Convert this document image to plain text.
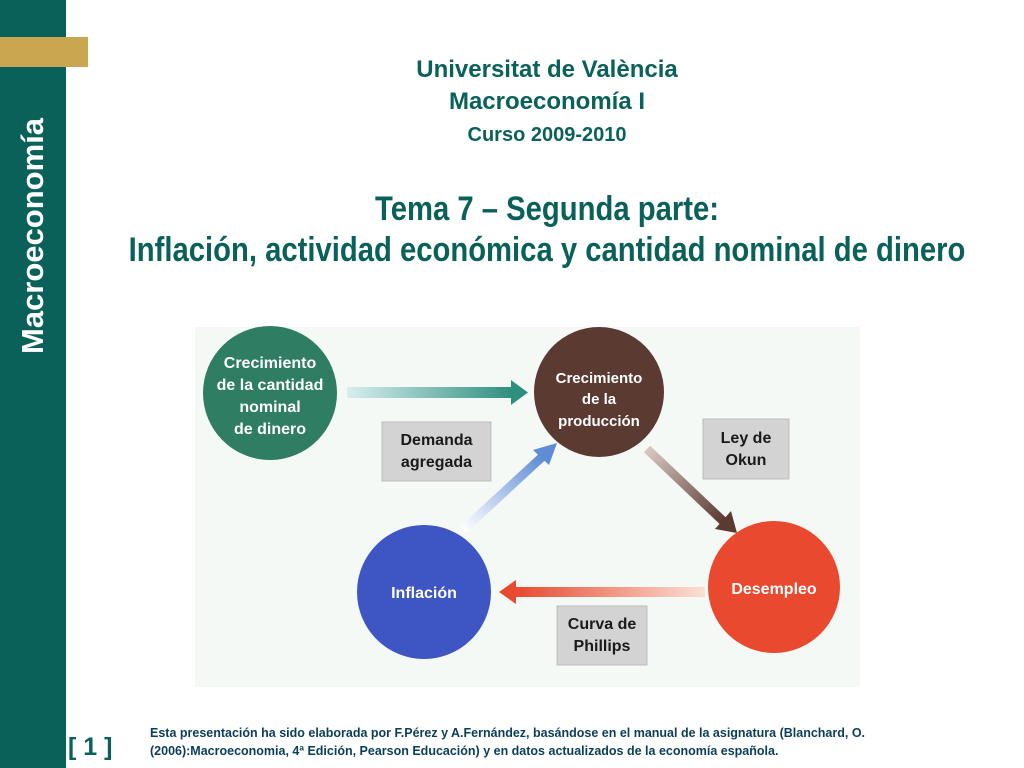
Macroeconomía
[ 1 ]
Universitat de València
Macroeconomía I
Curso 2009-2010
Tema 7 – Segunda parte:
Inflación, actividad económica y cantidad nominal de dinero
Crecimiento
de la cantidad
nominal
de dinero
Crecimiento
de la
producción
Desempleo
Inflación
Demanda
agregada
Ley de
Okun
Curva de
Phillips
Esta presentación ha sido elaborada por F.Pérez y A.Fernández, basándose en el manual de la asignatura (Blanchard, O. (2006):Macroeconomia, 4ª Edición, Pearson Educación) y en datos actualizados de la economía española.
